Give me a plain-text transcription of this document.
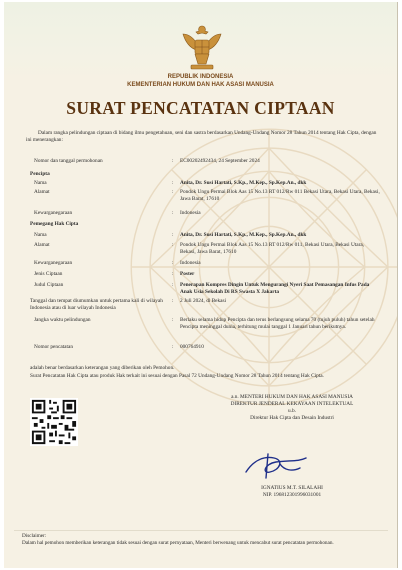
REPUBLIK INDONESIA
KEMENTERIAN HUKUM DAN HAK ASASI MANUSIA
SURAT PENCATATAN CIPTAAN
Dalam rangka pelindungan ciptaan di bidang ilmu pengetahuan, seni dan sastra berdasarkan Undang-Undang Nomor 28 Tahun 2014 tentang Hak Cipta, dengan ini menerangkan:
Nomor dan tanggal permohonan	: EC00202492434, 24 September 2024
Pencipta
Nama	: Anita, Dr. Susi Hartati, S.Kp., M.Kep., Sp.Kep.An., dkk
Alamat	: Pondok Ungu Permai Blok Aas 15 No.13 RT 012/Rw 011 Bekasi Utara, Bekasi Utara, Bekasi, Jawa Barat, 17610
Kewarganegaraan	: Indonesia
Pemegang Hak Cipta
Nama	: Anita, Dr. Susi Hartati, S.Kp., M.Kep., Sp.Kep.An., dkk
Alamat	: Pondok Ungu Permai Blok Aas 15 No.13 RT 012/Rw 011, Bekasi Utara, Bekasi Utara, Bekasi, Jawa Barat, 17610
Kewarganegaraan	: Indonesia
Jenis Ciptaan	: Poster
Judul Ciptaan	: Penerapan Kompres Dingin Untuk Mengurangi Nyeri Saat Pemasangan Infus Pada Anak Usia Sekolah Di RS Swasta X Jakarta
Tanggal dan tempat diumumkan untuk pertama kali di wilayah Indonesia atau di luar wilayah Indonesia
: 2 Juli 2024, di Bekasi
Jangka waktu pelindungan	: Berlaku selama hidup Pencipta dan terus berlangsung selama 70 (tujuh puluh) tahun setelah Pencipta meninggal dunia, terhitung mulai tanggal 1 Januari tahun berikutnya.
Nomor pencatatan	: 000764910
adalah benar berdasarkan keterangan yang diberikan oleh Pemohon.
Surat Pencatatan Hak Cipta atau produk Hak terkait ini sesuai dengan Pasal 72 Undang-Undang Nomor 28 Tahun 2014 tentang Hak Cipta.
a.n. MENTERI HUKUM DAN HAK ASASI MANUSIA
DIREKTUR JENDERAL KEKAYAAN INTELEKTUAL
u.b.
Direktur Hak Cipta dan Desain Industri
IGNATIUS M.T. SILALAHI
NIP. 196812301996031001
Disclaimer:
Dalam hal pemohon memberikan keterangan tidak sesuai dengan surat pernyataan, Menteri berwenang untuk mencabut surat pencatatan permohonan.
